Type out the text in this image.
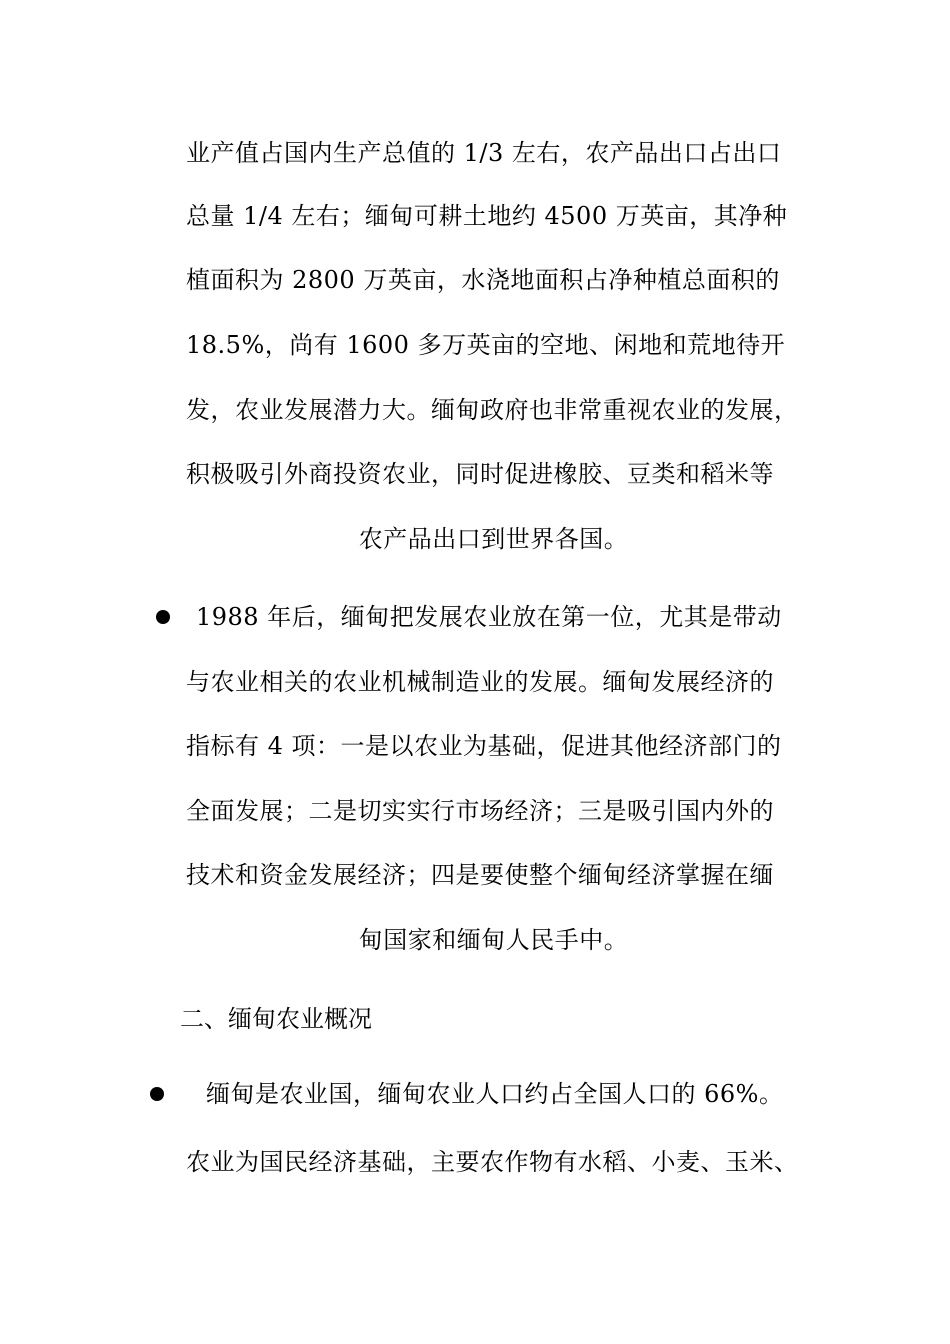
业产值占国内生产总值的 1/3 左右，农产品出口占出口
总量 1/4 左右；缅甸可耕土地约 4500 万英亩，其净种
植面积为 2800 万英亩，水浇地面积占净种植总面积的
18.5%，尚有 1600 多万英亩的空地、闲地和荒地待开
发，农业发展潜力大。缅甸政府也非常重视农业的发展，
积极吸引外商投资农业，同时促进橡胶、豆类和稻米等
农产品出口到世界各国。
1988 年后，缅甸把发展农业放在第一位，尤其是带动
与农业相关的农业机械制造业的发展。缅甸发展经济的
指标有 4 项：一是以农业为基础，促进其他经济部门的
全面发展；二是切实实行市场经济；三是吸引国内外的
技术和资金发展经济；四是要使整个缅甸经济掌握在缅
甸国家和缅甸人民手中。
二、缅甸农业概况
缅甸是农业国，缅甸农业人口约占全国人口的 66%。
农业为国民经济基础，主要农作物有水稻、小麦、玉米、
